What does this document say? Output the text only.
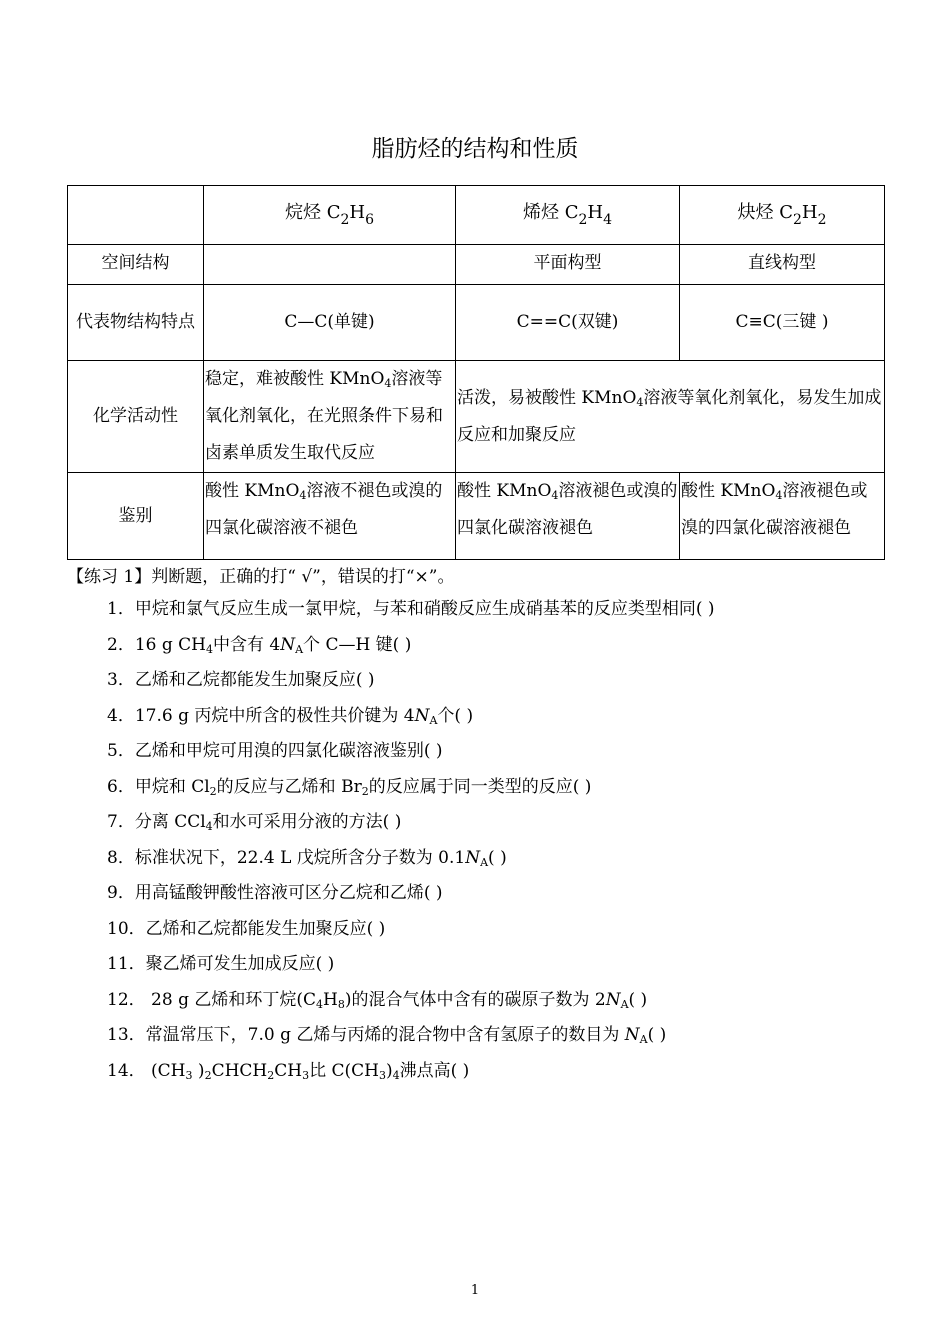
脂肪烃的结构和性质
	烷烃 $C_2H_6$	烯烃 $C_2H_4$	炔烃 $C_2H_2$
空间结构		平面构型	直线构型
代表物结构特点	C—C(单键)	C==C(双键)	C≡C(三键 )
化学活动性	稳定，难被酸性 KMnO$_4$溶液等氧化剂氧化，在光照条件下易和卤素单质发生取代反应	活泼，易被酸性 KMnO$_4$溶液等氧化剂氧化，易发生加成反应和加聚反应	
鉴别	酸性 KMnO$_4$溶液不褪色或溴的四氯化碳溶液不褪色	酸性 KMnO$_4$溶液褪色或溴的四氯化碳溶液褪色	酸性 KMnO$_4$溶液褪色或溴的四氯化碳溶液褪色
【练习 1】判断题，正确的打“ √”，错误的打“×”。
1．甲烷和氯气反应生成一氯甲烷，与苯和硝酸反应生成硝基苯的反应类型相同( )
2．16 g $CH_4$中含有 $4N_A$个 C—H 键( )
3．乙烯和乙烷都能发生加聚反应( )
4．17.6 g 丙烷中所含的极性共价键为 $4N_A$个( )
5．乙烯和甲烷可用溴的四氯化碳溶液鉴别( )
6．甲烷和 $Cl_2$的反应与乙烯和 $Br_2$的反应属于同一类型的反应( )
7．分离 CCl$_4$和水可采用分液的方法( )
8．标准状况下，22.4 L 戊烷所含分子数为 $0.1N_A$( )
9．用高锰酸钾酸性溶液可区分乙烷和乙烯( )
10．乙烯和乙烷都能发生加聚反应( )
11．聚乙烯可发生加成反应( )
12． 28 g 乙烯和环丁烷$(C_4H_8)$的混合气体中含有的碳原子数为 $2N_A$( )
13．常温常压下，7.0 g 乙烯与丙烯的混合物中含有氢原子的数目为 $N_A$( )
14． ($CH_3$ )$_2CHCH_2CH_3$比 $C(CH_3)_4$沸点高( )
1
